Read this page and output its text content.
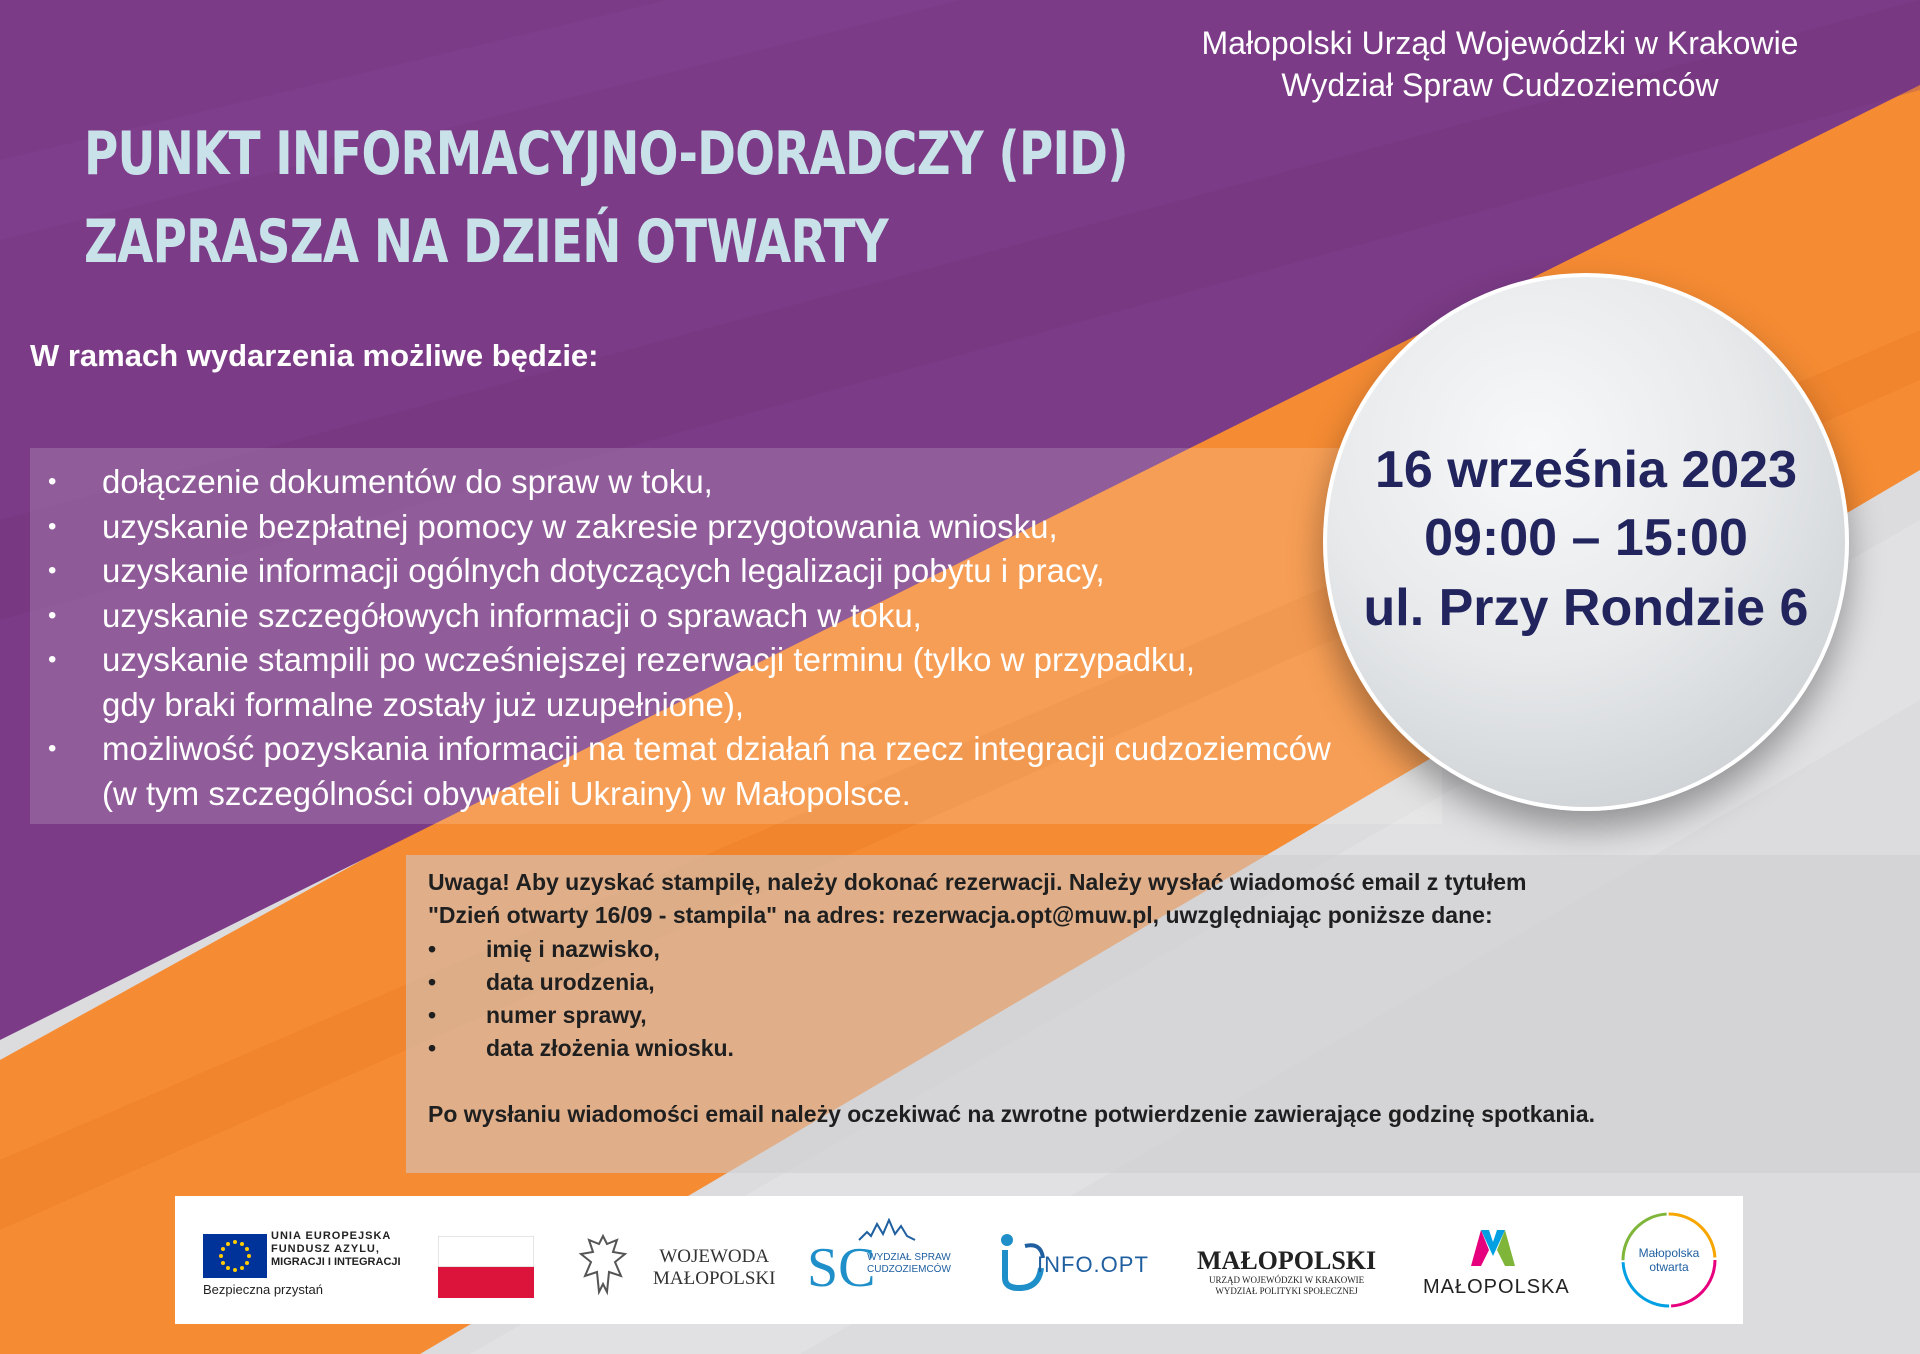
Małopolski Urząd Wojewódzki w Krakowie
Wydział Spraw Cudzoziemców
PUNKT INFORMACYJNO-DORADCZY (PID)
ZAPRASZA NA DZIEŃ OTWARTY
W ramach wydarzenia możliwe będzie:
• dołączenie dokumentów do spraw w toku,
• uzyskanie bezpłatnej pomocy w zakresie przygotowania wniosku,
• uzyskanie informacji ogólnych dotyczących legalizacji pobytu i pracy,
• uzyskanie szczegółowych informacji o sprawach w toku,
• uzyskanie stampili po wcześniejszej rezerwacji terminu (tylko w przypadku,
gdy braki formalne zostały już uzupełnione),
• możliwość pozyskania informacji na temat działań na rzecz integracji cudzoziemców
(w tym szczególności obywateli Ukrainy) w Małopolsce.
16 września 2023
09:00 – 15:00
ul. Przy Rondzie 6
Uwaga! Aby uzyskać stampilę, należy dokonać rezerwacji. Należy wysłać wiadomość email z tytułem
"Dzień otwarty 16/09 - stampila" na adres: rezerwacja.opt@muw.pl, uwzględniając poniższe dane:
• imię i nazwisko,
• data urodzenia,
• numer sprawy,
• data złożenia wniosku.
Po wysłaniu wiadomości email należy oczekiwać na zwrotne potwierdzenie zawierające godzinę spotkania.
UNIA EUROPEJSKA
FUNDUSZ AZYLU,
MIGRACJI I INTEGRACJI
Bezpieczna przystań
WOJEWODA
MAŁOPOLSKI SC
WYDZIAŁ SPRAW
CUDZOZIEMCÓW	INFO.OPT MAŁOPOLSKI
URZĄD WOJEWÓDZKI W KRAKOWIE
WYDZIAŁ POLITYKI SPOŁECZNEJ	MAŁOPOLSKA
Małopolska
otwarta
